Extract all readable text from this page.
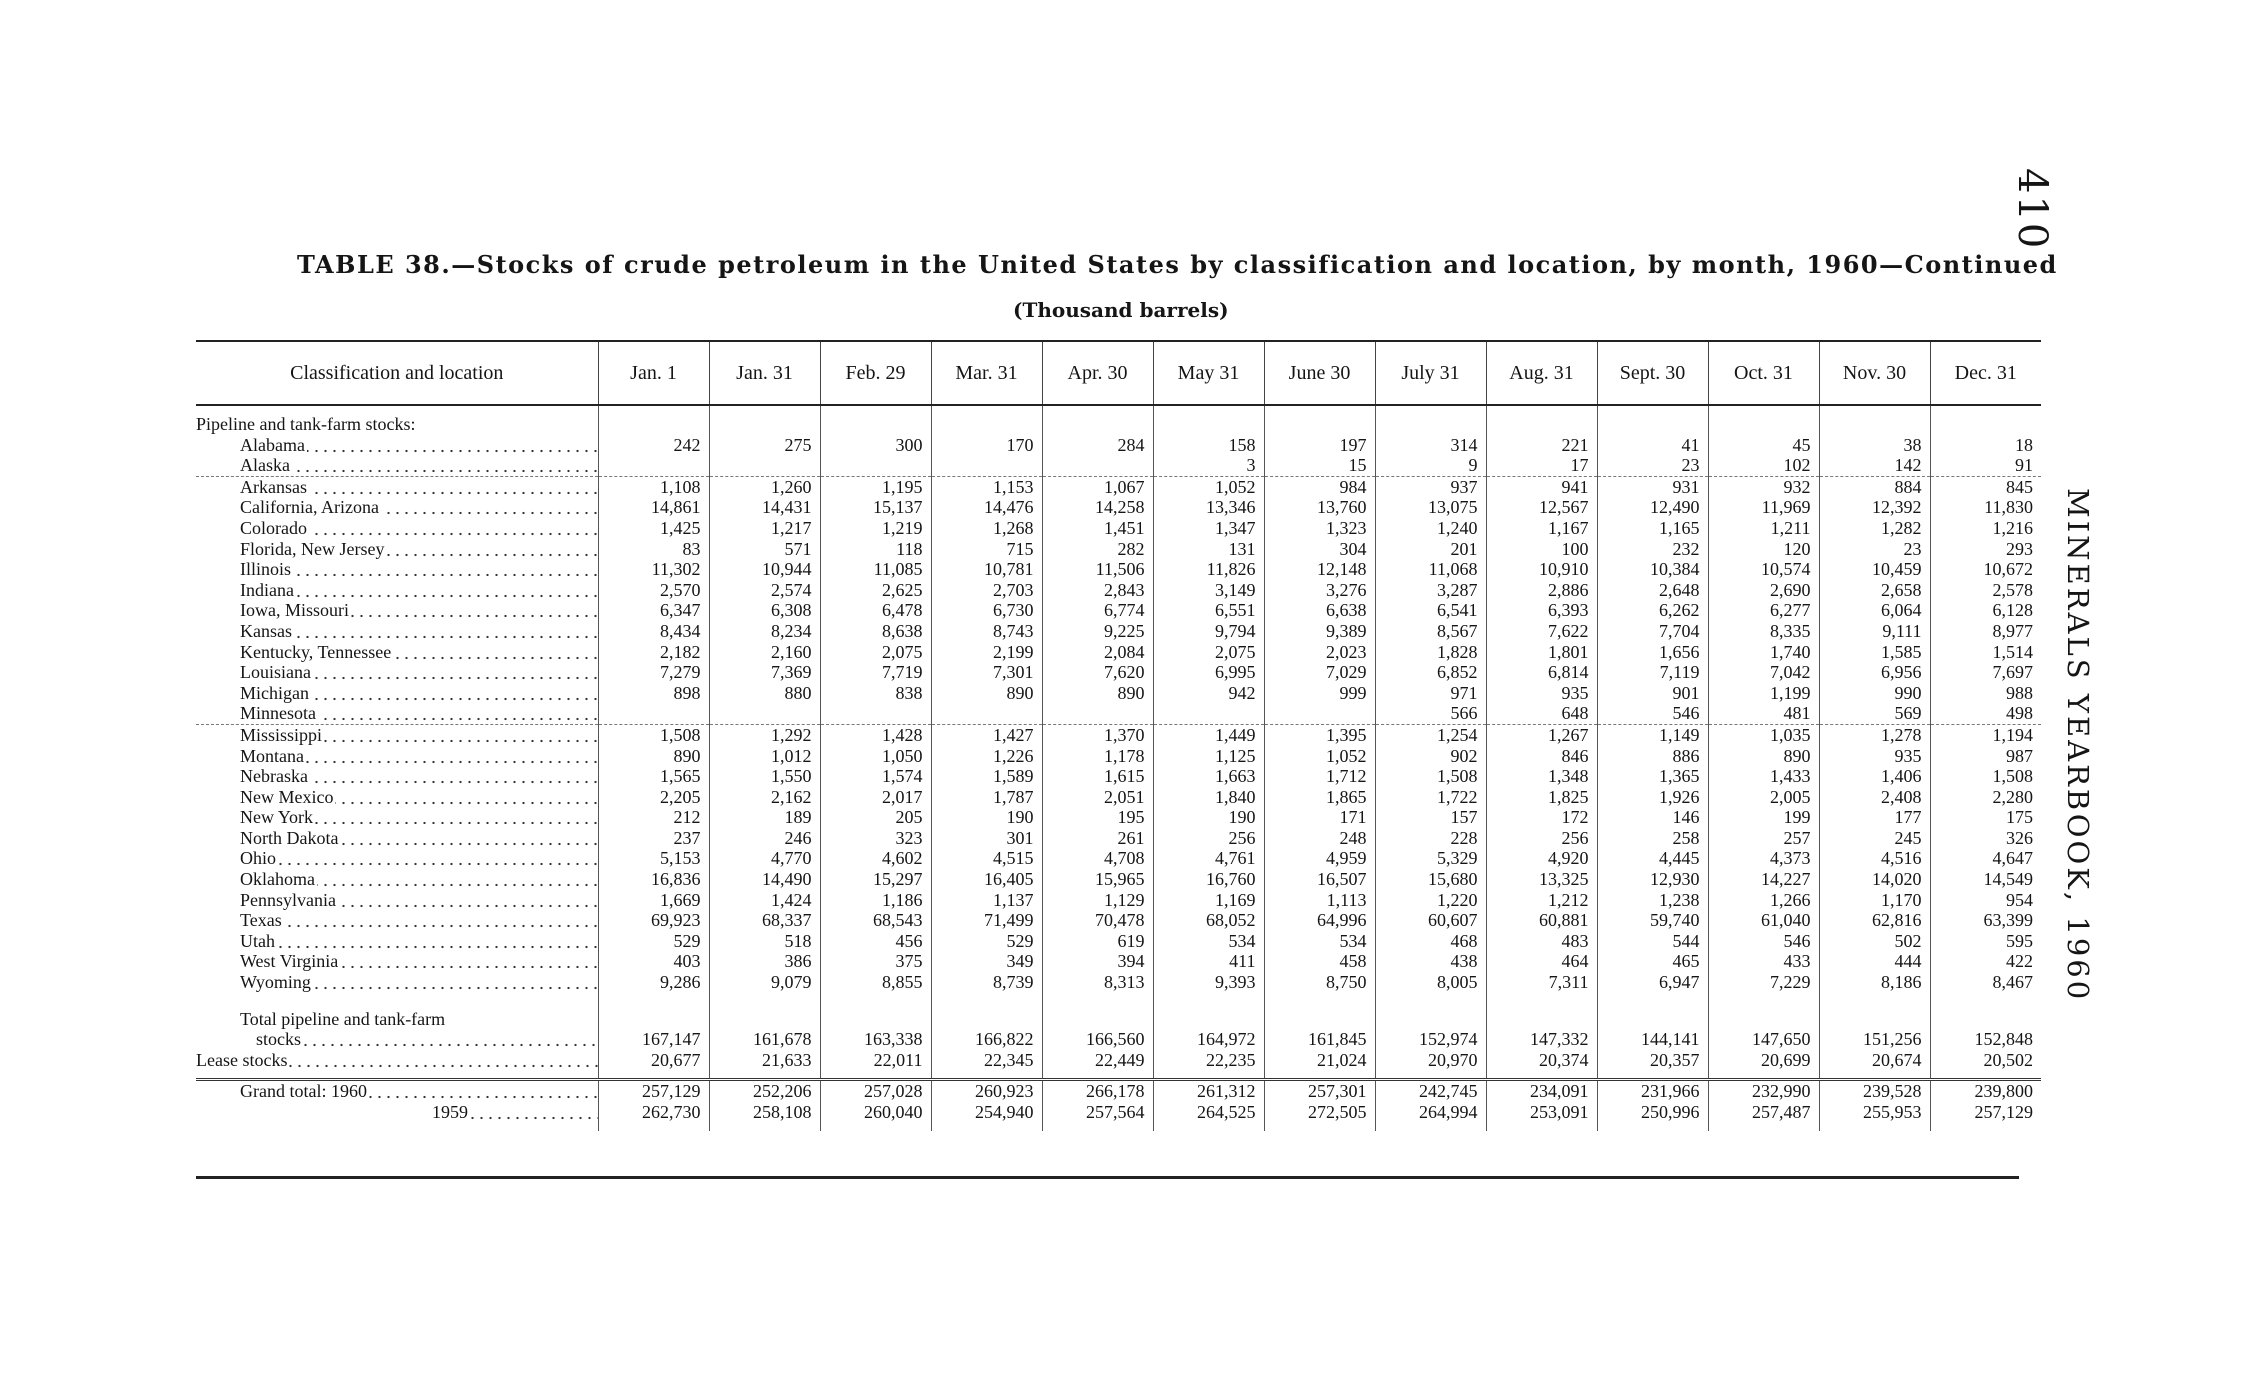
410
MINERALS YEARBOOK, 1960
TABLE 38.—Stocks of crude petroleum in the United States by classification and location, by month, 1960—Continued
(Thousand barrels)
Classification and location	Jan. 1	Jan. 31	Feb. 29	Mar. 31	Apr. 30	May 31	June 30	July 31	Aug. 31	Sept. 30	Oct. 31	Nov. 30	Dec. 31

Pipeline and tank-farm stocks:													

Alabama	242	275	300	170	284	158	197	314	221	41	45	38	18

Alaska						3	15	9	17	23	102	142	91

Arkansas	1,108	1,260	1,195	1,153	1,067	1,052	984	937	941	931	932	884	845

California, Arizona	14,861	14,431	15,137	14,476	14,258	13,346	13,760	13,075	12,567	12,490	11,969	12,392	11,830

Colorado	1,425	1,217	1,219	1,268	1,451	1,347	1,323	1,240	1,167	1,165	1,211	1,282	1,216

Florida, New Jersey	83	571	118	715	282	131	304	201	100	232	120	23	293

Illinois	11,302	10,944	11,085	10,781	11,506	11,826	12,148	11,068	10,910	10,384	10,574	10,459	10,672

Indiana	2,570	2,574	2,625	2,703	2,843	3,149	3,276	3,287	2,886	2,648	2,690	2,658	2,578

Iowa, Missouri	6,347	6,308	6,478	6,730	6,774	6,551	6,638	6,541	6,393	6,262	6,277	6,064	6,128

Kansas	8,434	8,234	8,638	8,743	9,225	9,794	9,389	8,567	7,622	7,704	8,335	9,111	8,977

Kentucky, Tennessee	2,182	2,160	2,075	2,199	2,084	2,075	2,023	1,828	1,801	1,656	1,740	1,585	1,514

Louisiana	7,279	7,369	7,719	7,301	7,620	6,995	7,029	6,852	6,814	7,119	7,042	6,956	7,697

Michigan	898	880	838	890	890	942	999	971	935	901	1,199	990	988

Minnesota								566	648	546	481	569	498

Mississippi	1,508	1,292	1,428	1,427	1,370	1,449	1,395	1,254	1,267	1,149	1,035	1,278	1,194

Montana	890	1,012	1,050	1,226	1,178	1,125	1,052	902	846	886	890	935	987

Nebraska	1,565	1,550	1,574	1,589	1,615	1,663	1,712	1,508	1,348	1,365	1,433	1,406	1,508

New Mexico	2,205	2,162	2,017	1,787	2,051	1,840	1,865	1,722	1,825	1,926	2,005	2,408	2,280

New York	212	189	205	190	195	190	171	157	172	146	199	177	175

North Dakota	237	246	323	301	261	256	248	228	256	258	257	245	326

Ohio	5,153	4,770	4,602	4,515	4,708	4,761	4,959	5,329	4,920	4,445	4,373	4,516	4,647

Oklahoma	16,836	14,490	15,297	16,405	15,965	16,760	16,507	15,680	13,325	12,930	14,227	14,020	14,549

Pennsylvania	1,669	1,424	1,186	1,137	1,129	1,169	1,113	1,220	1,212	1,238	1,266	1,170	954

Texas	69,923	68,337	68,543	71,499	70,478	68,052	64,996	60,607	60,881	59,740	61,040	62,816	63,399

Utah	529	518	456	529	619	534	534	468	483	544	546	502	595

West Virginia	403	386	375	349	394	411	458	438	464	465	433	444	422

Wyoming	9,286	9,079	8,855	8,739	8,313	9,393	8,750	8,005	7,311	6,947	7,229	8,186	8,467

Total pipeline and tank-farm													

stocks	167,147	161,678	163,338	166,822	166,560	164,972	161,845	152,974	147,332	144,141	147,650	151,256	152,848

Lease stocks	20,677	21,633	22,011	22,345	22,449	22,235	21,024	20,970	20,374	20,357	20,699	20,674	20,502

Grand total: 1960	257,129	252,206	257,028	260,923	266,178	261,312	257,301	242,745	234,091	231,966	232,990	239,528	239,800

1959	262,730	258,108	260,040	254,940	257,564	264,525	272,505	264,994	253,091	250,996	257,487	255,953	257,129
